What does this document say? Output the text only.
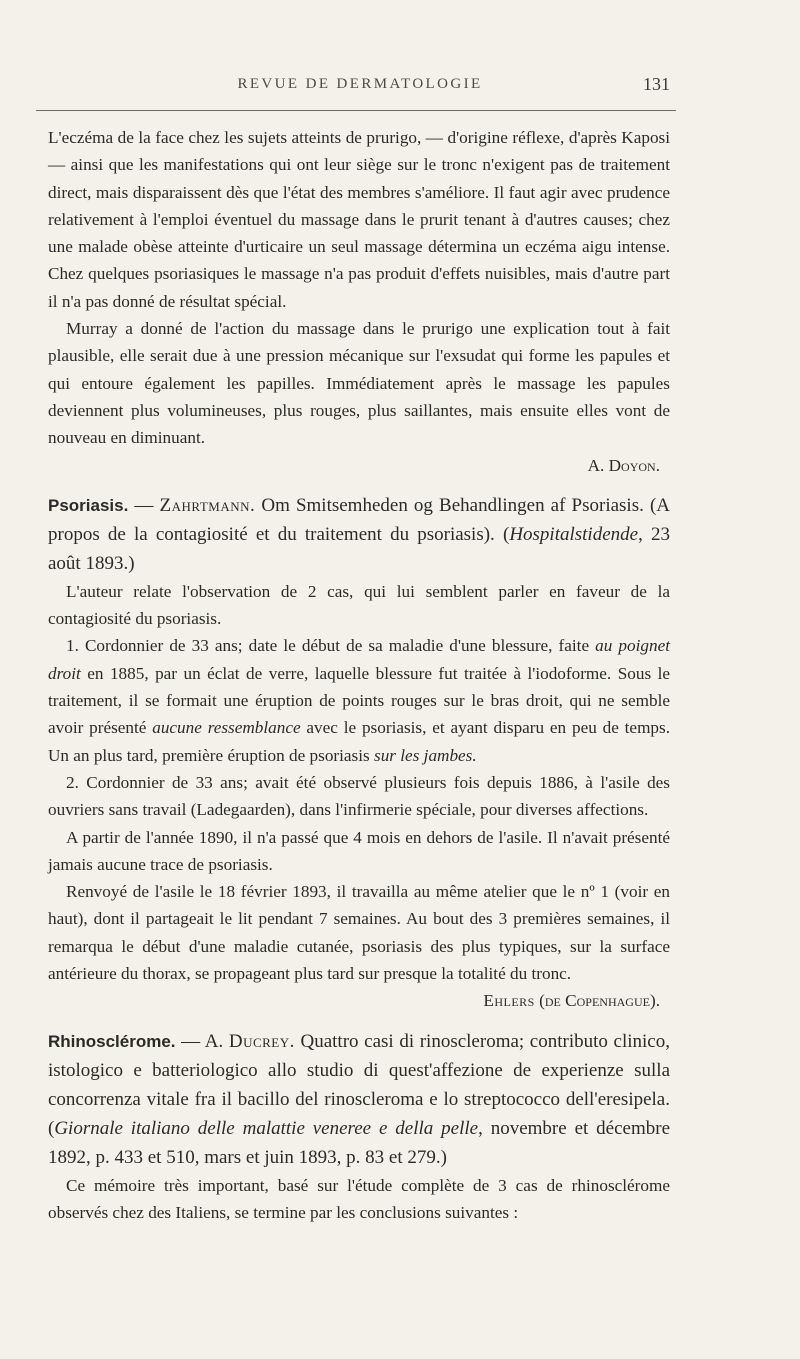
REVUE DE DERMATOLOGIE	131

L'eczéma de la face chez les sujets atteints de prurigo, — d'origine réflexe, d'après Kaposi — ainsi que les manifestations qui ont leur siège sur le tronc n'exigent pas de traitement direct, mais disparaissent dès que l'état des membres s'améliore. Il faut agir avec prudence relativement à l'emploi éventuel du massage dans le prurit tenant à d'autres causes; chez une malade obèse atteinte d'urticaire un seul massage détermina un eczéma aigu intense. Chez quelques psoriasiques le massage n'a pas produit d'effets nuisibles, mais d'autre part il n'a pas donné de résultat spécial.

Murray a donné de l'action du massage dans le prurigo une explication tout à fait plausible, elle serait due à une pression mécanique sur l'exsudat qui forme les papules et qui entoure également les papilles. Immédiatement après le massage les papules deviennent plus volumineuses, plus rouges, plus saillantes, mais ensuite elles vont de nouveau en diminuant.

A. Doyon.

Psoriasis. — Zahrtmann. Om Smitsemheden og Behandlingen af Psoriasis. (A propos de la contagiosité et du traitement du psoriasis). (Hospitalstidende, 23 août 1893.)

L'auteur relate l'observation de 2 cas, qui lui semblent parler en faveur de la contagiosité du psoriasis.

1. Cordonnier de 33 ans; date le début de sa maladie d'une blessure, faite au poignet droit en 1885, par un éclat de verre, laquelle blessure fut traitée à l'iodoforme. Sous le traitement, il se formait une éruption de points rouges sur le bras droit, qui ne semble avoir présenté aucune ressemblance avec le psoriasis, et ayant disparu en peu de temps. Un an plus tard, première éruption de psoriasis sur les jambes.

2. Cordonnier de 33 ans; avait été observé plusieurs fois depuis 1886, à l'asile des ouvriers sans travail (Ladegaarden), dans l'infirmerie spéciale, pour diverses affections.

A partir de l'année 1890, il n'a passé que 4 mois en dehors de l'asile. Il n'avait présenté jamais aucune trace de psoriasis.

Renvoyé de l'asile le 18 février 1893, il travailla au même atelier que le nº 1 (voir en haut), dont il partageait le lit pendant 7 semaines. Au bout des 3 premières semaines, il remarqua le début d'une maladie cutanée, psoriasis des plus typiques, sur la surface antérieure du thorax, se propageant plus tard sur presque la totalité du tronc.

Ehlers (de Copenhague).

Rhinosclérome. — A. Ducrey. Quattro casi di rinoscleroma; contributo clinico, istologico e batteriologico allo studio di quest'affezione de experienze sulla concorrenza vitale fra il bacillo del rinoscleroma e lo streptococco dell'eresipela. (Giornale italiano delle malattie veneree e della pelle, novembre et décembre 1892, p. 433 et 510, mars et juin 1893, p. 83 et 279.)

Ce mémoire très important, basé sur l'étude complète de 3 cas de rhinosclérome observés chez des Italiens, se termine par les conclusions suivantes :
